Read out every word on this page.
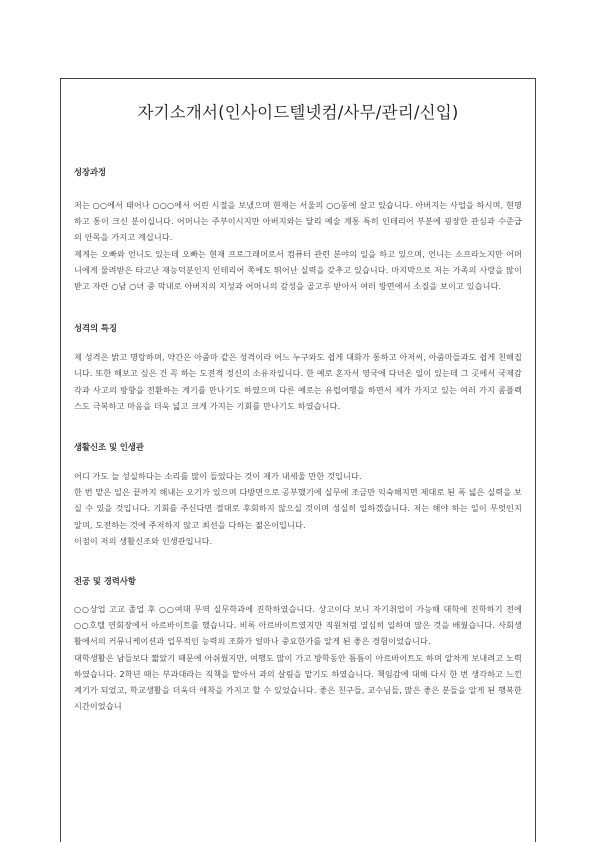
자기소개서(인사이드텔넷컴/사무/관리/신입)

성장과정

저는 ○○에서 태어나 ○○○에서 어린 시절을 보냈으며 현재는 서울의 ○○동에 살고 있습니다. 아버지는 사업을 하시며, 현명하고 통이 크신 분이십니다. 어머니는 주부이시지만 아버지와는 달리 예술 계통 특히 인테리어 부분에 굉장한 관심과 수준급의 안목을 가지고 계십니다.

제게는 오빠와 언니도 있는데 오빠는 현재 프로그래머로서 컴퓨터 관련 분야의 일을 하고 있으며, 언니는 소프라노지만 어머니에게 물려받은 타고난 재능덕분인지 인테리어 쪽에도 뛰어난 실력을 갖추고 있습니다. 마지막으로 저는 가족의 사랑을 많이 받고 자란 ○남 ○녀 중 막내로 아버지의 지성과 어머니의 감성을 골고루 받아서 여러 방면에서 소질을 보이고 있습니다.

성격의 특징

제 성격은 밝고 명랑하며, 약간은 아줌마 같은 성격이라 어느 누구와도 쉽게 대화가 통하고 아저씨, 아줌마들과도 쉽게 친해집니다. 또한 해보고 싶은 건 꼭 하는 도전적 정신의 소유자입니다. 한 예로 혼자서 영국에 다녀온 일이 있는데 그 곳에서 국제감각과 사고의 방향을 전환하는 계기를 만나기도 하였으며 다른 예로는 유럽여행을 하면서 제가 가지고 있는 여러 가지 콤플렉스도 극복하고 마음을 더욱 넓고 크게 가지는 기회를 만나기도 하였습니다.

생활신조 및 인생관

어디 가도 늘 성실하다는 소리를 많이 들었다는 것이 제가 내세울 만한 것입니다.

한 번 맡은 일은 끝까지 해내는 오기가 있으며 다방면으로 공부했기에 실무에 조금만 익숙해지면 제대로 된 폭 넓은 실력을 보실 수 있을 것입니다. 기회를 주신다면 절대로 후회하지 않으실 것이며 성실히 일하겠습니다. 저는 해야 하는 일이 무엇인지 알며, 도전하는 것에 주저하지 않고 최선을 다하는 젊은이입니다.

이점이 저의 생활신조와 인생관입니다.

전공 및 경력사항

○○상업 고교 졸업 후 ○○여대 무역 실무학과에 진학하였습니다. 상고이다 보니 자기취업이 가능해 대학에 진학하기 전에 ○○호텔 연회장에서 아르바이트를 했습니다. 비록 아르바이트였지만 직원처럼 열심히 일하며 많은 것을 배웠습니다. 사회생활에서의 커뮤니케이션과 업무적인 능력의 조화가 얼마나 중요한가를 알게 된 좋은 경험이었습니다.

대학생활은 남들보다 짧았기 때문에 아쉬웠지만, 여행도 많이 가고 방학동안 틈틈이 아르바이트도 하며 알차게 보내려고 노력하였습니다. 2학년 때는 부과대라는 직책을 맡아서 과의 살림을 맡기도 하였습니다. 책임감에 대해 다시 한 번 생각하고 느낀 계기가 되었고, 학교생활을 더욱더 애착을 가지고 할 수 있었습니다. 좋은 친구들, 교수님들, 많은 좋은 분들을 알게 된 행복한 시간이었습니
